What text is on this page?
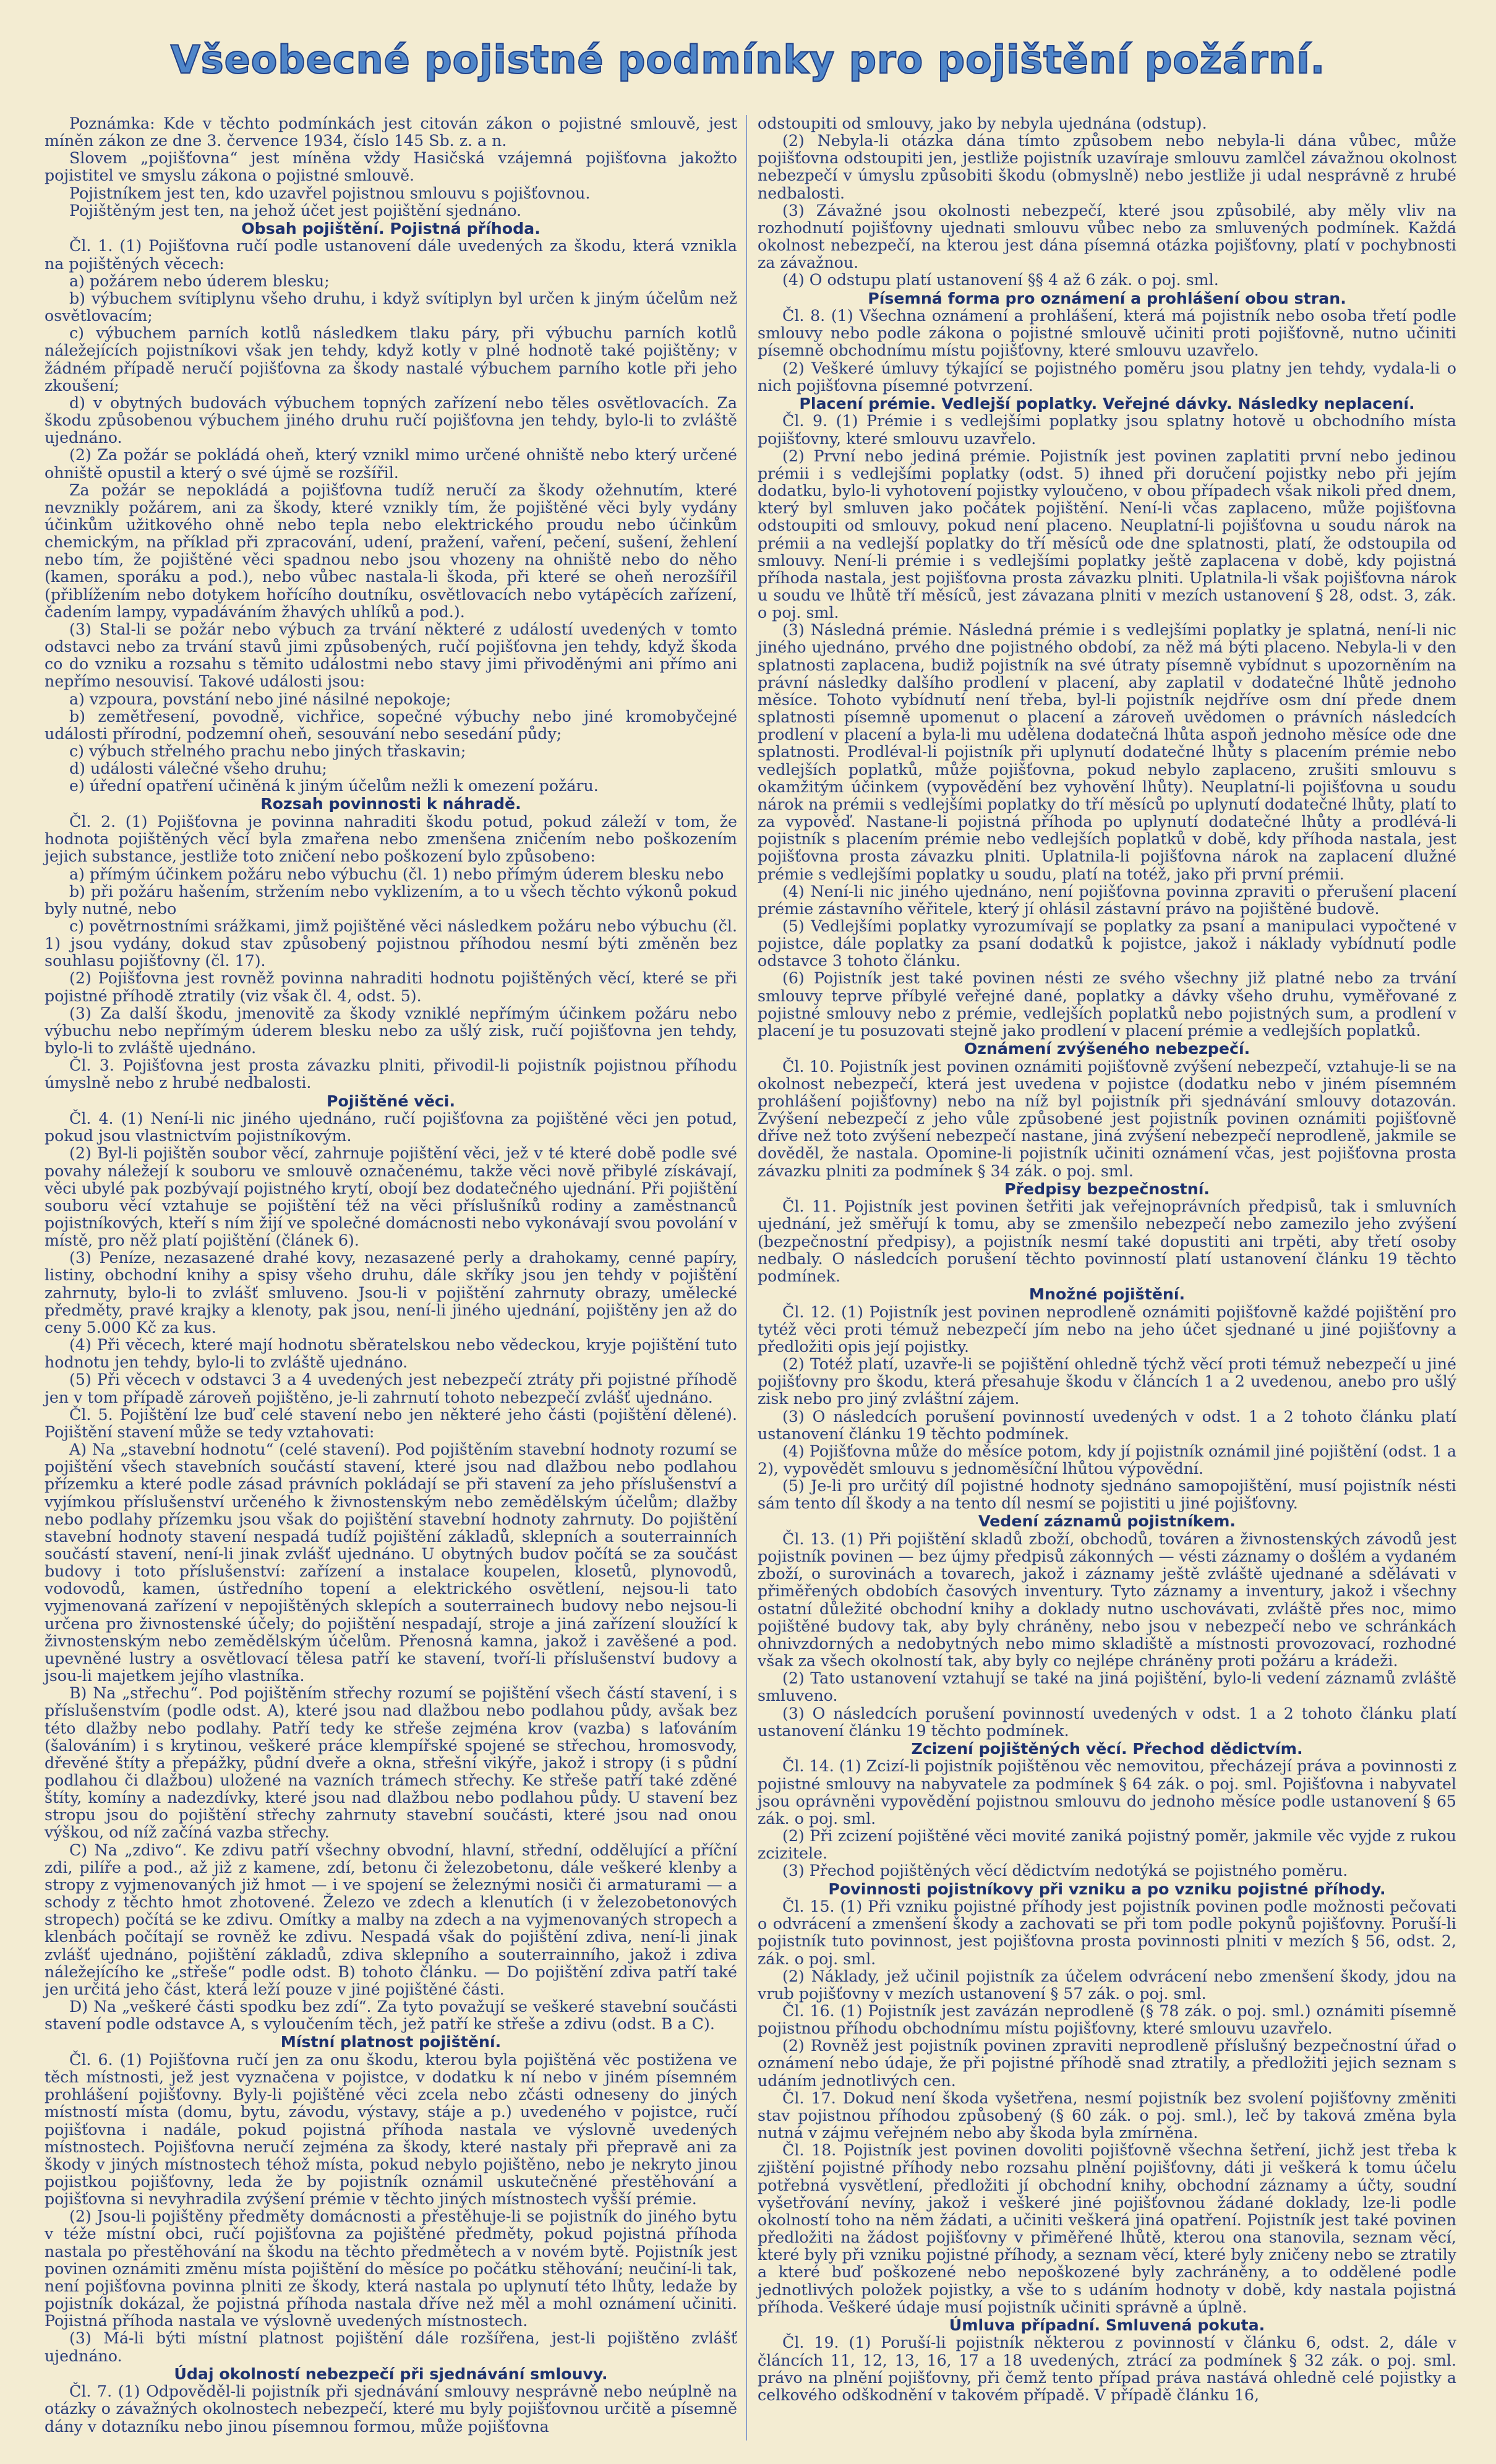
Všeobecné pojistné podmínky pro pojištění požární.

Poznámka: Kde v těchto podmínkách jest citován zákon o pojistné smlouvě, jest míněn zákon ze dne 3. července 1934, číslo 145 Sb. z. a n.

Slovem „pojišťovna“ jest míněna vždy Hasičská vzájemná pojišťovna jakožto pojistitel ve smyslu zákona o pojistné smlouvě.

Pojistníkem jest ten, kdo uzavřel pojistnou smlouvu s pojišťovnou.

Pojištěným jest ten, na jehož účet jest pojištění sjednáno.

Obsah pojištění. Pojistná příhoda.

Čl. 1. (1) Pojišťovna ručí podle ustanovení dále uvedených za škodu, která vznikla na pojištěných věcech:

a) požárem nebo úderem blesku;

b) výbuchem svítiplynu všeho druhu, i když svítiplyn byl určen k jiným účelům než osvětlovacím;

c) výbuchem parních kotlů následkem tlaku páry, při výbuchu parních kotlů náležejících pojistníkovi však jen tehdy, když kotly v plné hodnotě také pojištěny; v žádném případě neručí pojišťovna za škody nastalé výbuchem parního kotle při jeho zkoušení;

d) v obytných budovách výbuchem topných zařízení nebo těles osvětlovacích. Za škodu způsobenou výbuchem jiného druhu ručí pojišťovna jen tehdy, bylo-li to zvláště ujednáno.

(2) Za požár se pokládá oheň, který vznikl mimo určené ohniště nebo který určené ohniště opustil a který o své újmě se rozšířil.

Za požár se nepokládá a pojišťovna tudíž neručí za škody ožehnutím, které nevznikly požárem, ani za škody, které vznikly tím, že pojištěné věci byly vydány účinkům užitkového ohně nebo tepla nebo elektrického proudu nebo účinkům chemickým, na příklad při zpracování, udení, pražení, vaření, pečení, sušení, žehlení nebo tím, že pojištěné věci spadnou nebo jsou vhozeny na ohniště nebo do něho (kamen, sporáku a pod.), nebo vůbec nastala-li škoda, při které se oheň nerozšířil (přiblížením nebo dotykem hořícího doutníku, osvětlovacích nebo vytápěcích zařízení, čadením lampy, vypadáváním žhavých uhlíků a pod.).

(3) Stal-li se požár nebo výbuch za trvání některé z událostí uvedených v tomto odstavci nebo za trvání stavů jimi způsobených, ručí pojišťovna jen tehdy, když škoda co do vzniku a rozsahu s těmito událostmi nebo stavy jimi přivoděnými ani přímo ani nepřímo nesouvisí. Takové události jsou:

a) vzpoura, povstání nebo jiné násilné nepokoje;

b) zemětřesení, povodně, vichřice, sopečné výbuchy nebo jiné kromobyčejné události přírodní, podzemní oheň, sesouvání nebo sesedání půdy;

c) výbuch střelného prachu nebo jiných třaskavin;

d) události válečné všeho druhu;

e) úřední opatření učiněná k jiným účelům nežli k omezení požáru.

Rozsah povinnosti k náhradě.

Čl. 2. (1) Pojišťovna je povinna nahraditi škodu potud, pokud záleží v tom, že hodnota pojištěných věcí byla zmařena nebo zmenšena zničením nebo poškozením jejich substance, jestliže toto zničení nebo poškození bylo způsobeno:

a) přímým účinkem požáru nebo výbuchu (čl. 1) nebo přímým úderem blesku nebo

b) při požáru hašením, stržením nebo vyklizením, a to u všech těchto výkonů pokud byly nutné, nebo

c) povětrnostními srážkami, jimž pojištěné věci následkem požáru nebo výbuchu (čl. 1) jsou vydány, dokud stav způsobený pojistnou příhodou nesmí býti změněn bez souhlasu pojišťovny (čl. 17).

(2) Pojišťovna jest rovněž povinna nahraditi hodnotu pojištěných věcí, které se při pojistné příhodě ztratily (viz však čl. 4, odst. 5).

(3) Za další škodu, jmenovitě za škody vzniklé nepřímým účinkem požáru nebo výbuchu nebo nepřímým úderem blesku nebo za ušlý zisk, ručí pojišťovna jen tehdy, bylo-li to zvláště ujednáno.

Čl. 3. Pojišťovna jest prosta závazku plniti, přivodil-li pojistník pojistnou příhodu úmyslně nebo z hrubé nedbalosti.

Pojištěné věci.

Čl. 4. (1) Není-li nic jiného ujednáno, ručí pojišťovna za pojištěné věci jen potud, pokud jsou vlastnictvím pojistníkovým.

(2) Byl-li pojištěn soubor věcí, zahrnuje pojištění věci, jež v té které době podle své povahy náležejí k souboru ve smlouvě označenému, takže věci nově přibylé získávají, věci ubylé pak pozbývají pojistného krytí, obojí bez dodatečného ujednání. Při pojištění souboru věcí vztahuje se pojištění též na věci příslušníků rodiny a zaměstnanců pojistníkových, kteří s ním žijí ve společné domácnosti nebo vykonávají svou povolání v místě, pro něž platí pojištění (článek 6).

(3) Peníze, nezasazené drahé kovy, nezasazené perly a drahokamy, cenné papíry, listiny, obchodní knihy a spisy všeho druhu, dále skříky jsou jen tehdy v pojištění zahrnuty, bylo-li to zvlášť smluveno. Jsou-li v pojištění zahrnuty obrazy, umělecké předměty, pravé krajky a klenoty, pak jsou, není-li jiného ujednání, pojištěny jen až do ceny 5.000 Kč za kus.

(4) Při věcech, které mají hodnotu sběratelskou nebo vědeckou, kryje pojištění tuto hodnotu jen tehdy, bylo-li to zvláště ujednáno.

(5) Při věcech v odstavci 3 a 4 uvedených jest nebezpečí ztráty při pojistné příhodě jen v tom případě zároveň pojištěno, je-li zahrnutí tohoto nebezpečí zvlášť ujednáno.

Čl. 5. Pojištění lze buď celé stavení nebo jen některé jeho části (pojištění dělené). Pojištění stavení může se tedy vztahovati:

A) Na „stavební hodnotu“ (celé stavení). Pod pojištěním stavební hodnoty rozumí se pojištění všech stavebních součástí stavení, které jsou nad dlažbou nebo podlahou přízemku a které podle zásad právních pokládají se při stavení za jeho příslušenství a vyjímkou příslušenství určeného k živnostenským nebo zemědělským účelům; dlažby nebo podlahy přízemku jsou však do pojištění stavební hodnoty zahrnuty. Do pojištění stavební hodnoty stavení nespadá tudíž pojištění základů, sklepních a souterrainních součástí stavení, není-li jinak zvlášť ujednáno. U obytných budov počítá se za součást budovy i toto příslušenství: zařízení a instalace koupelen, klosetů, plynovodů, vodovodů, kamen, ústředního topení a elektrického osvětlení, nejsou-li tato vyjmenovaná zařízení v nepojištěných sklepích a souterrainech budovy nebo nejsou-li určena pro živnostenské účely; do pojištění nespadají, stroje a jiná zařízení sloužící k živnostenským nebo zemědělským účelům. Přenosná kamna, jakož i zavěšené a pod. upevněné lustry a osvětlovací tělesa patří ke stavení, tvoří-li příslušenství budovy a jsou-li majetkem jejího vlastníka.

B) Na „střechu“. Pod pojištěním střechy rozumí se pojištění všech částí stavení, i s příslušenstvím (podle odst. A), které jsou nad dlažbou nebo podlahou půdy, avšak bez této dlažby nebo podlahy. Patří tedy ke střeše zejména krov (vazba) s laťováním (šalováním) i s krytinou, veškeré práce klempířské spojené se střechou, hromosvody, dřevěné štíty a přepážky, půdní dveře a okna, střešní vikýře, jakož i stropy (i s půdní podlahou či dlažbou) uložené na vazních trámech střechy. Ke střeše patří také zděné štíty, komíny a nadezdívky, které jsou nad dlažbou nebo podlahou půdy. U stavení bez stropu jsou do pojištění střechy zahrnuty stavební součásti, které jsou nad onou výškou, od níž začíná vazba střechy.

C) Na „zdivo“. Ke zdivu patří všechny obvodní, hlavní, střední, oddělující a příční zdi, pilíře a pod., až již z kamene, zdí, betonu či železobetonu, dále veškeré klenby a stropy z vyjmenovaných již hmot — i ve spojení se železnými nosiči či armaturami — a schody z těchto hmot zhotovené. Železo ve zdech a klenutích (i v železobetonových stropech) počítá se ke zdivu. Omítky a malby na zdech a na vyjmenovaných stropech a klenbách počítají se rovněž ke zdivu. Nespadá však do pojištění zdiva, není-li jinak zvlášť ujednáno, pojištění základů, zdiva sklepního a souterrainního, jakož i zdiva náležejícího ke „střeše“ podle odst. B) tohoto článku. — Do pojištění zdiva patří také jen určitá jeho část, která leží pouze v jiné pojištěné části.

D) Na „veškeré části spodku bez zdí“. Za tyto považují se veškeré stavební součásti stavení podle odstavce A, s vyloučením těch, jež patří ke střeše a zdivu (odst. B a C).

Místní platnost pojištění.

Čl. 6. (1) Pojišťovna ručí jen za onu škodu, kterou byla pojištěná věc postižena ve těch místnosti, jež jest vyznačena v pojistce, v dodatku k ní nebo v jiném písemném prohlášení pojišťovny. Byly-li pojištěné věci zcela nebo zčásti odneseny do jiných místností místa (domu, bytu, závodu, výstavy, stáje a p.) uvedeného v pojistce, ručí pojišťovna i nadále, pokud pojistná příhoda nastala ve výslovně uvedených místnostech. Pojišťovna neručí zejména za škody, které nastaly při přepravě ani za škody v jiných místnostech téhož místa, pokud nebylo pojištěno, nebo je nekryto jinou pojistkou pojišťovny, leda že by pojistník oznámil uskutečněné přestěhování a pojišťovna si nevyhradila zvýšení prémie v těchto jiných místnostech vyšší prémie.

(2) Jsou-li pojištěny předměty domácnosti a přestěhuje-li se pojistník do jiného bytu v téže místní obci, ručí pojišťovna za pojištěné předměty, pokud pojistná příhoda nastala po přestěhování na škodu na těchto předmětech a v novém bytě. Pojistník jest povinen oznámiti změnu místa pojištění do měsíce po počátku stěhování; neučiní-li tak, není pojišťovna povinna plniti ze škody, která nastala po uplynutí této lhůty, ledaže by pojistník dokázal, že pojistná příhoda nastala dříve než měl a mohl oznámení učiniti. Pojistná příhoda nastala ve výslovně uvedených místnostech.

(3) Má-li býti místní platnost pojištění dále rozšířena, jest-li pojištěno zvlášť ujednáno.

Údaj okolností nebezpečí při sjednávání smlouvy.

Čl. 7. (1) Odpověděl-li pojistník při sjednávání smlouvy nesprávně nebo neúplně na otázky o závažných okolnostech nebezpečí, které mu byly pojišťovnou určitě a písemně dány v dotazníku nebo jinou písemnou formou, může pojišťovna

odstoupiti od smlouvy, jako by nebyla ujednána (odstup).

(2) Nebyla-li otázka dána tímto způsobem nebo nebyla-li dána vůbec, může pojišťovna odstoupiti jen, jestliže pojistník uzavíraje smlouvu zamlčel závažnou okolnost nebezpečí v úmyslu způsobiti škodu (obmyslně) nebo jestliže ji udal nesprávně z hrubé nedbalosti.

(3) Závažné jsou okolnosti nebezpečí, které jsou způsobilé, aby měly vliv na rozhodnutí pojišťovny ujednati smlouvu vůbec nebo za smluvených podmínek. Každá okolnost nebezpečí, na kterou jest dána písemná otázka pojišťovny, platí v pochybnosti za závažnou.

(4) O odstupu platí ustanovení §§ 4 až 6 zák. o poj. sml.

Písemná forma pro oznámení a prohlášení obou stran.

Čl. 8. (1) Všechna oznámení a prohlášení, která má pojistník nebo osoba třetí podle smlouvy nebo podle zákona o pojistné smlouvě učiniti proti pojišťovně, nutno učiniti písemně obchodnímu místu pojišťovny, které smlouvu uzavřelo.

(2) Veškeré úmluvy týkající se pojistného poměru jsou platny jen tehdy, vydala-li o nich pojišťovna písemné potvrzení.

Placení prémie. Vedlejší poplatky. Veřejné dávky. Následky neplacení.

Čl. 9. (1) Prémie i s vedlejšími poplatky jsou splatny hotově u obchodního místa pojišťovny, které smlouvu uzavřelo.

(2) První nebo jediná prémie. Pojistník jest povinen zaplatiti první nebo jedinou prémii i s vedlejšími poplatky (odst. 5) ihned při doručení pojistky nebo při jejím dodatku, bylo-li vyhotovení pojistky vyloučeno, v obou případech však nikoli před dnem, který byl smluven jako počátek pojištění. Není-li včas zaplaceno, může pojišťovna odstoupiti od smlouvy, pokud není placeno. Neuplatní-li pojišťovna u soudu nárok na prémii a na vedlejší poplatky do tří měsíců ode dne splatnosti, platí, že odstoupila od smlouvy. Není-li prémie i s vedlejšími poplatky ještě zaplacena v době, kdy pojistná příhoda nastala, jest pojišťovna prosta závazku plniti. Uplatnila-li však pojišťovna nárok u soudu ve lhůtě tří měsíců, jest závazana plniti v mezích ustanovení § 28, odst. 3, zák. o poj. sml.

(3) Následná prémie. Následná prémie i s vedlejšími poplatky je splatná, není-li nic jiného ujednáno, prvého dne pojistného období, za něž má býti placeno. Nebyla-li v den splatnosti zaplacena, budiž pojistník na své útraty písemně vybídnut s upozorněním na právní následky dalšího prodlení v placení, aby zaplatil v dodatečné lhůtě jednoho měsíce. Tohoto vybídnutí není třeba, byl-li pojistník nejdříve osm dní přede dnem splatnosti písemně upomenut o placení a zároveň uvědomen o právních následcích prodlení v placení a byla-li mu udělena dodatečná lhůta aspoň jednoho měsíce ode dne splatnosti. Prodléval-li pojistník při uplynutí dodatečné lhůty s placením prémie nebo vedlejších poplatků, může pojišťovna, pokud nebylo zaplaceno, zrušiti smlouvu s okamžitým účinkem (vypovědění bez vyhovění lhůty). Neuplatní-li pojišťovna u soudu nárok na prémii s vedlejšími poplatky do tří měsíců po uplynutí dodatečné lhůty, platí to za vypověď. Nastane-li pojistná příhoda po uplynutí dodatečné lhůty a prodlévá-li pojistník s placením prémie nebo vedlejších poplatků v době, kdy příhoda nastala, jest pojišťovna prosta závazku plniti. Uplatnila-li pojišťovna nárok na zaplacení dlužné prémie s vedlejšími poplatky u soudu, platí na totéž, jako při první prémii.

(4) Není-li nic jiného ujednáno, není pojišťovna povinna zpraviti o přerušení placení prémie zástavního věřitele, který jí ohlásil zástavní právo na pojištěné budově.

(5) Vedlejšími poplatky vyrozumívají se poplatky za psaní a manipulaci vypočtené v pojistce, dále poplatky za psaní dodatků k pojistce, jakož i náklady vybídnutí podle odstavce 3 tohoto článku.

(6) Pojistník jest také povinen nésti ze svého všechny již platné nebo za trvání smlouvy teprve příbylé veřejné dané, poplatky a dávky všeho druhu, vyměřované z pojistné smlouvy nebo z prémie, vedlejších poplatků nebo pojistných sum, a prodlení v placení je tu posuzovati stejně jako prodlení v placení prémie a vedlejších poplatků.

Oznámení zvýšeného nebezpečí.

Čl. 10. Pojistník jest povinen oznámiti pojišťovně zvýšení nebezpečí, vztahuje-li se na okolnost nebezpečí, která jest uvedena v pojistce (dodatku nebo v jiném písemném prohlášení pojišťovny) nebo na níž byl pojistník při sjednávání smlouvy dotazován. Zvýšení nebezpečí z jeho vůle způsobené jest pojistník povinen oznámiti pojišťovně dříve než toto zvýšení nebezpečí nastane, jiná zvýšení nebezpečí neprodleně, jakmile se dověděl, že nastala. Opomine-li pojistník učiniti oznámení včas, jest pojišťovna prosta závazku plniti za podmínek § 34 zák. o poj. sml.

Předpisy bezpečnostní.

Čl. 11. Pojistník jest povinen šetřiti jak veřejnoprávních předpisů, tak i smluvních ujednání, jež směřují k tomu, aby se zmenšilo nebezpečí nebo zamezilo jeho zvýšení (bezpečnostní předpisy), a pojistník nesmí také dopustiti ani trpěti, aby třetí osoby nedbaly. O následcích porušení těchto povinností platí ustanovení článku 19 těchto podmínek.

Množné pojištění.

Čl. 12. (1) Pojistník jest povinen neprodleně oznámiti pojišťovně každé pojištění pro tytéž věci proti témuž nebezpečí jím nebo na jeho účet sjednané u jiné pojišťovny a předložiti opis její pojistky.

(2) Totéž platí, uzavře-li se pojištění ohledně týchž věcí proti témuž nebezpečí u jiné pojišťovny pro škodu, která přesahuje škodu v článcích 1 a 2 uvedenou, anebo pro ušlý zisk nebo pro jiný zvláštní zájem.

(3) O následcích porušení povinností uvedených v odst. 1 a 2 tohoto článku platí ustanovení článku 19 těchto podmínek.

(4) Pojišťovna může do měsíce potom, kdy jí pojistník oznámil jiné pojištění (odst. 1 a 2), vypovědět smlouvu s jednoměsíční lhůtou výpovědní.

(5) Je-li pro určitý díl pojistné hodnoty sjednáno samopojištění, musí pojistník nésti sám tento díl škody a na tento díl nesmí se pojistiti u jiné pojišťovny.

Vedení záznamů pojistníkem.

Čl. 13. (1) Při pojištění skladů zboží, obchodů, továren a živnostenských závodů jest pojistník povinen — bez újmy předpisů zákonných — vésti záznamy o došlém a vydaném zboží, o surovinách a tovarech, jakož i záznamy ještě zvláště ujednané a sdělávati v přiměřených obdobích časových inventury. Tyto záznamy a inventury, jakož i všechny ostatní důležité obchodní knihy a doklady nutno uschovávati, zvláště přes noc, mimo pojištěné budovy tak, aby byly chráněny, nebo jsou v nebezpečí nebo ve schránkách ohnivzdorných a nedobytných nebo mimo skladiště a místnosti provozovací, rozhodné však za všech okolností tak, aby byly co nejlépe chráněny proti požáru a krádeži.

(2) Tato ustanovení vztahují se také na jiná pojištění, bylo-li vedení záznamů zvláště smluveno.

(3) O následcích porušení povinností uvedených v odst. 1 a 2 tohoto článku platí ustanovení článku 19 těchto podmínek.

Zcizení pojištěných věcí. Přechod dědictvím.

Čl. 14. (1) Zcizí-li pojistník pojištěnou věc nemovitou, přecházejí práva a povinnosti z pojistné smlouvy na nabyvatele za podmínek § 64 zák. o poj. sml. Pojišťovna i nabyvatel jsou oprávněni vypovědění pojistnou smlouvu do jednoho měsíce podle ustanovení § 65 zák. o poj. sml.

(2) Při zcizení pojištěné věci movité zaniká pojistný poměr, jakmile věc vyjde z rukou zcizitele.

(3) Přechod pojištěných věcí dědictvím nedotýká se pojistného poměru.

Povinnosti pojistníkovy při vzniku a po vzniku pojistné příhody.

Čl. 15. (1) Při vzniku pojistné příhody jest pojistník povinen podle možnosti pečovati o odvrácení a zmenšení škody a zachovati se při tom podle pokynů pojišťovny. Poruší-li pojistník tuto povinnost, jest pojišťovna prosta povinnosti plniti v mezích § 56, odst. 2, zák. o poj. sml.

(2) Náklady, jež učinil pojistník za účelem odvrácení nebo zmenšení škody, jdou na vrub pojišťovny v mezích ustanovení § 57 zák. o poj. sml.

Čl. 16. (1) Pojistník jest zavázán neprodleně (§ 78 zák. o poj. sml.) oznámiti písemně pojistnou příhodu obchodnímu místu pojišťovny, které smlouvu uzavřelo.

(2) Rovněž jest pojistník povinen zpraviti neprodleně příslušný bezpečnostní úřad o oznámení nebo údaje, že při pojistné příhodě snad ztratily, a předložiti jejich seznam s udáním jednotlivých cen.

Čl. 17. Dokud není škoda vyšetřena, nesmí pojistník bez svolení pojišťovny změniti stav pojistnou příhodou způsobený (§ 60 zák. o poj. sml.), leč by taková změna byla nutná v zájmu veřejném nebo aby škoda byla zmírněna.

Čl. 18. Pojistník jest povinen dovoliti pojišťovně všechna šetření, jichž jest třeba k zjištění pojistné příhody nebo rozsahu plnění pojišťovny, dáti ji veškerá k tomu účelu potřebná vysvětlení, předložiti jí obchodní knihy, obchodní záznamy a účty, soudní vyšetřování nevíny, jakož i veškeré jiné pojišťovnou žádané doklady, lze-li podle okolností toho na něm žádati, a učiniti veškerá jiná opatření. Pojistník jest také povinen předložiti na žádost pojišťovny v přiměřené lhůtě, kterou ona stanovila, seznam věcí, které byly při vzniku pojistné příhody, a seznam věcí, které byly zničeny nebo se ztratily a které buď poškozené nebo nepoškozené byly zachráněny, a to oddělené podle jednotlivých položek pojistky, a vše to s udáním hodnoty v době, kdy nastala pojistná příhoda. Veškeré údaje musí pojistník učiniti správně a úplně.

Úmluva případní. Smluvená pokuta.

Čl. 19. (1) Poruší-li pojistník některou z povinností v článku 6, odst. 2, dále v článcích 11, 12, 13, 16, 17 a 18 uvedených, ztrácí za podmínek § 32 zák. o poj. sml. právo na plnění pojišťovny, při čemž tento případ práva nastává ohledně celé pojistky a celkového odškodnění v takovém případě. V případě článku 16,
